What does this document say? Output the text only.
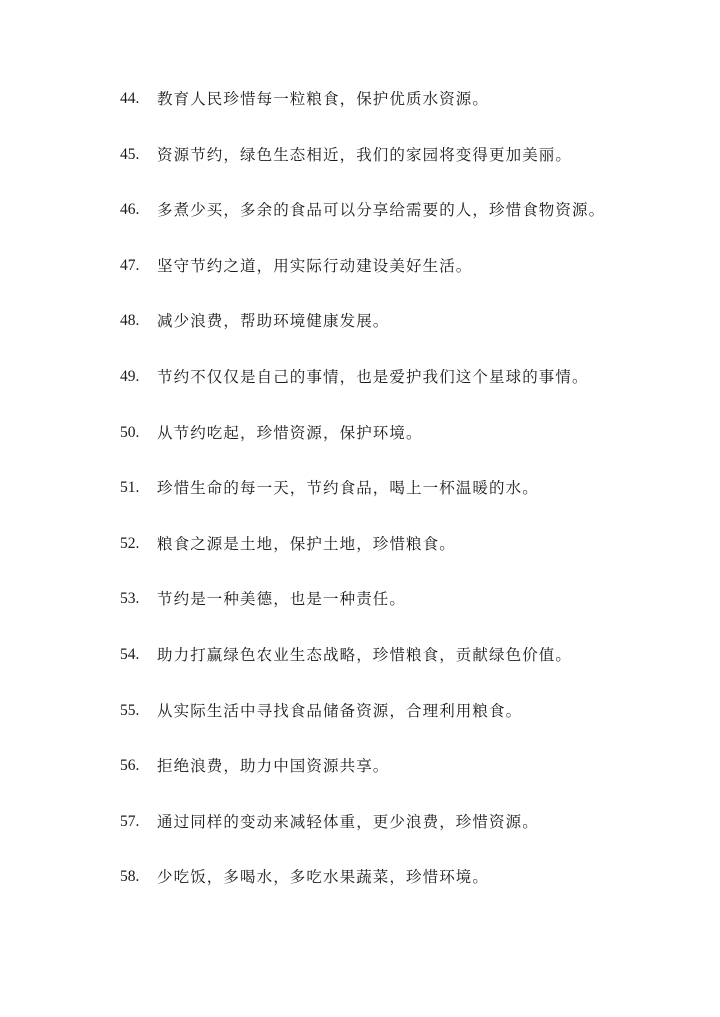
44.	教育人民珍惜每一粒粮食，保护优质水资源。
45.	资源节约，绿色生态相近，我们的家园将变得更加美丽。
46.	多煮少买，多余的食品可以分享给需要的人，珍惜食物资源。
47.	坚守节约之道，用实际行动建设美好生活。
48.	减少浪费，帮助环境健康发展。
49.	节约不仅仅是自己的事情，也是爱护我们这个星球的事情。
50.	从节约吃起，珍惜资源，保护环境。
51.	珍惜生命的每一天，节约食品，喝上一杯温暖的水。
52.	粮食之源是土地，保护土地，珍惜粮食。
53.	节约是一种美德，也是一种责任。
54.	助力打赢绿色农业生态战略，珍惜粮食，贡献绿色价值。
55.	从实际生活中寻找食品储备资源，合理利用粮食。
56.	拒绝浪费，助力中国资源共享。
57.	通过同样的变动来减轻体重，更少浪费，珍惜资源。
58.	少吃饭，多喝水，多吃水果蔬菜，珍惜环境。
